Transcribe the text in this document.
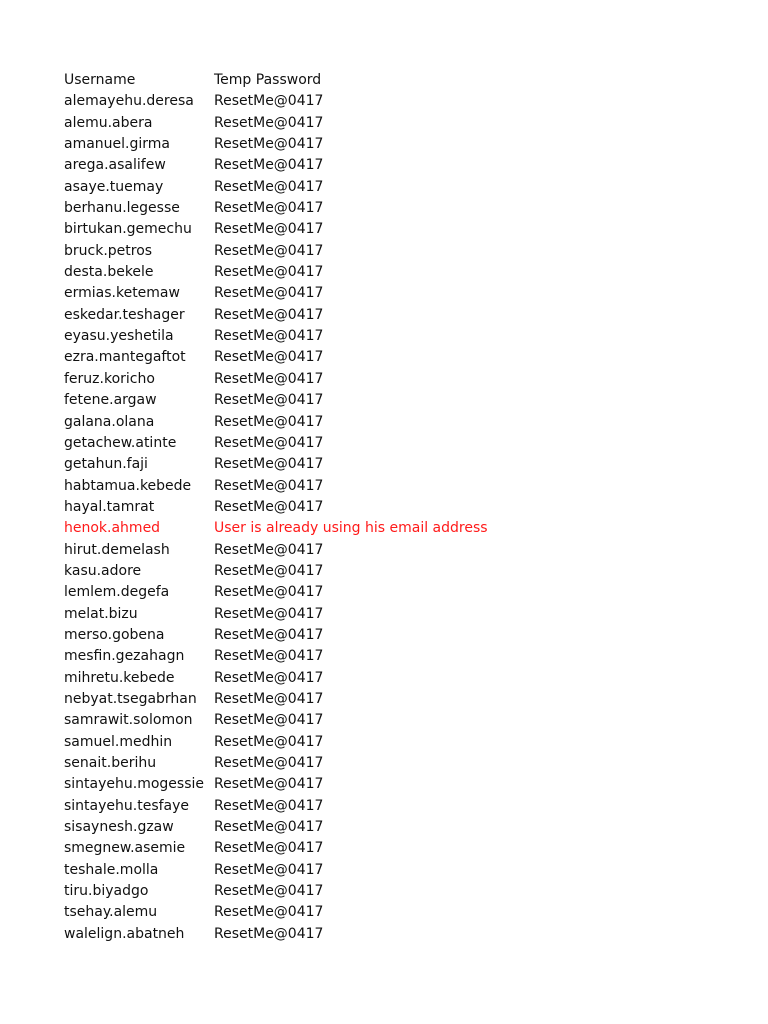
Username	Temp Password
alemayehu.deresa	ResetMe@0417
alemu.abera	ResetMe@0417
amanuel.girma	ResetMe@0417
arega.asalifew	ResetMe@0417
asaye.tuemay	ResetMe@0417
berhanu.legesse	ResetMe@0417
birtukan.gemechu	ResetMe@0417
bruck.petros	ResetMe@0417
desta.bekele	ResetMe@0417
ermias.ketemaw	ResetMe@0417
eskedar.teshager	ResetMe@0417
eyasu.yeshetila	ResetMe@0417
ezra.mantegaftot	ResetMe@0417
feruz.koricho	ResetMe@0417
fetene.argaw	ResetMe@0417
galana.olana	ResetMe@0417
getachew.atinte	ResetMe@0417
getahun.faji	ResetMe@0417
habtamua.kebede	ResetMe@0417
hayal.tamrat	ResetMe@0417
henok.ahmed	User is already using his email address
hirut.demelash	ResetMe@0417
kasu.adore	ResetMe@0417
lemlem.degefa	ResetMe@0417
melat.bizu	ResetMe@0417
merso.gobena	ResetMe@0417
mesfin.gezahagn	ResetMe@0417
mihretu.kebede	ResetMe@0417
nebyat.tsegabrhan	ResetMe@0417
samrawit.solomon	ResetMe@0417
samuel.medhin	ResetMe@0417
senait.berihu	ResetMe@0417
sintayehu.mogessie ResetMe@0417
sintayehu.tesfaye	ResetMe@0417
sisaynesh.gzaw	ResetMe@0417
smegnew.asemie	ResetMe@0417
teshale.molla	ResetMe@0417
tiru.biyadgo	ResetMe@0417
tsehay.alemu	ResetMe@0417
walelign.abatneh	ResetMe@0417
